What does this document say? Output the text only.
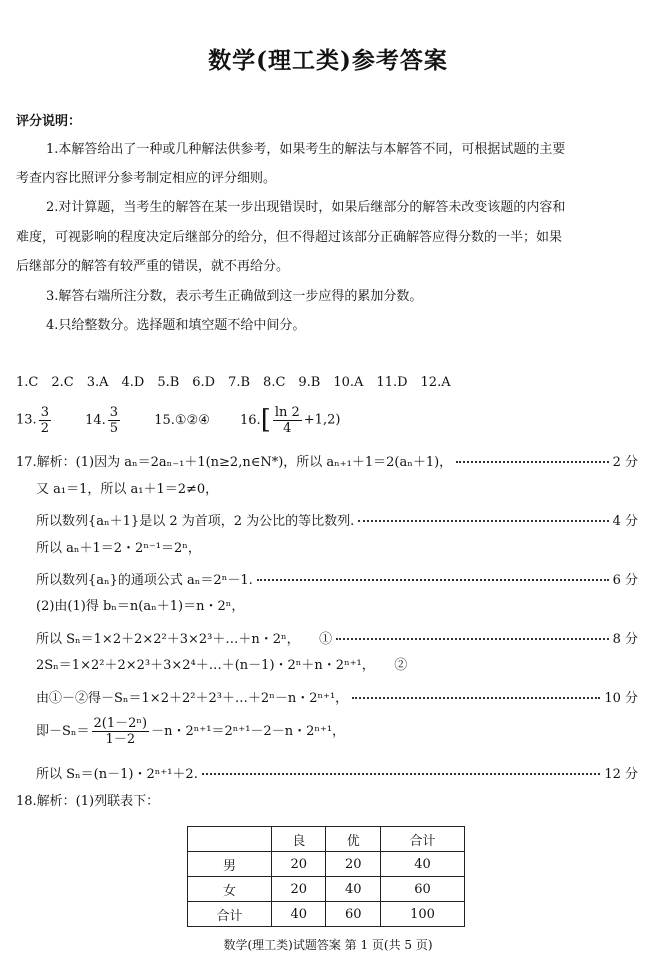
数学(理工类)参考答案
评分说明：
1.本解答给出了一种或几种解法供参考，如果考生的解法与本解答不同，可根据试题的主要
考查内容比照评分参考制定相应的评分细则。
2.对计算题，当考生的解答在某一步出现错误时，如果后继部分的解答未改变该题的内容和
难度，可视影响的程度决定后继部分的给分，但不得超过该部分正确解答应得分数的一半；如果
后继部分的解答有较严重的错误，就不再给分。
3.解答右端所注分数，表示考生正确做到这一步应得的累加分数。
4.只给整数分。选择题和填空题不给中间分。
1.C　2.C　3.A　4.D　5.B　6.D　7.B　8.C　9.B　10.A　11.D　12.A
13. $\frac{3}{2}$	14. $\frac{3}{5}$	15.①②④ $16.[ \frac{\ln 2}{4} +1,2)$
17.解析：(1)因为 aₙ＝2aₙ₋₁＋1(n≥2,n∈N*)，所以 aₙ₊₁＋1＝2(aₙ＋1)，	2 分
又 a₁＝1，所以 a₁＋1＝2≠0，
所以数列{aₙ＋1}是以 2 为首项，2 为公比的等比数列.	4 分
所以 aₙ＋1＝2・2ⁿ⁻¹＝2ⁿ，
所以数列{aₙ}的通项公式 aₙ＝2ⁿ－1.	6 分
(2)由(1)得 bₙ＝n(aₙ＋1)＝n・2ⁿ，
所以 Sₙ＝1×2＋2×2²＋3×2³＋…＋n・2ⁿ，　　①	8 分
2Sₙ＝1×2²＋2×2³＋3×2⁴＋…＋(n－1)・2ⁿ＋n・2ⁿ⁺¹，　　②
由①－②得－Sₙ＝1×2＋2²＋2³＋…＋2ⁿ－n・2ⁿ⁺¹，	10 分
即$-S_n= \frac{\text{2(1－2ⁿ)}}{1-2} -n$・2ⁿ⁺¹＝2ⁿ⁺¹－2－n・2ⁿ⁺¹，
所以 Sₙ＝(n－1)・2ⁿ⁺¹＋2.	12 分
18.解析：(1)列联表下：
	良	优	合计
男	20	20	40
女	20	40	60
合计	40	60	100
数学(理工类)试题答案 第 1 页(共 5 页)
